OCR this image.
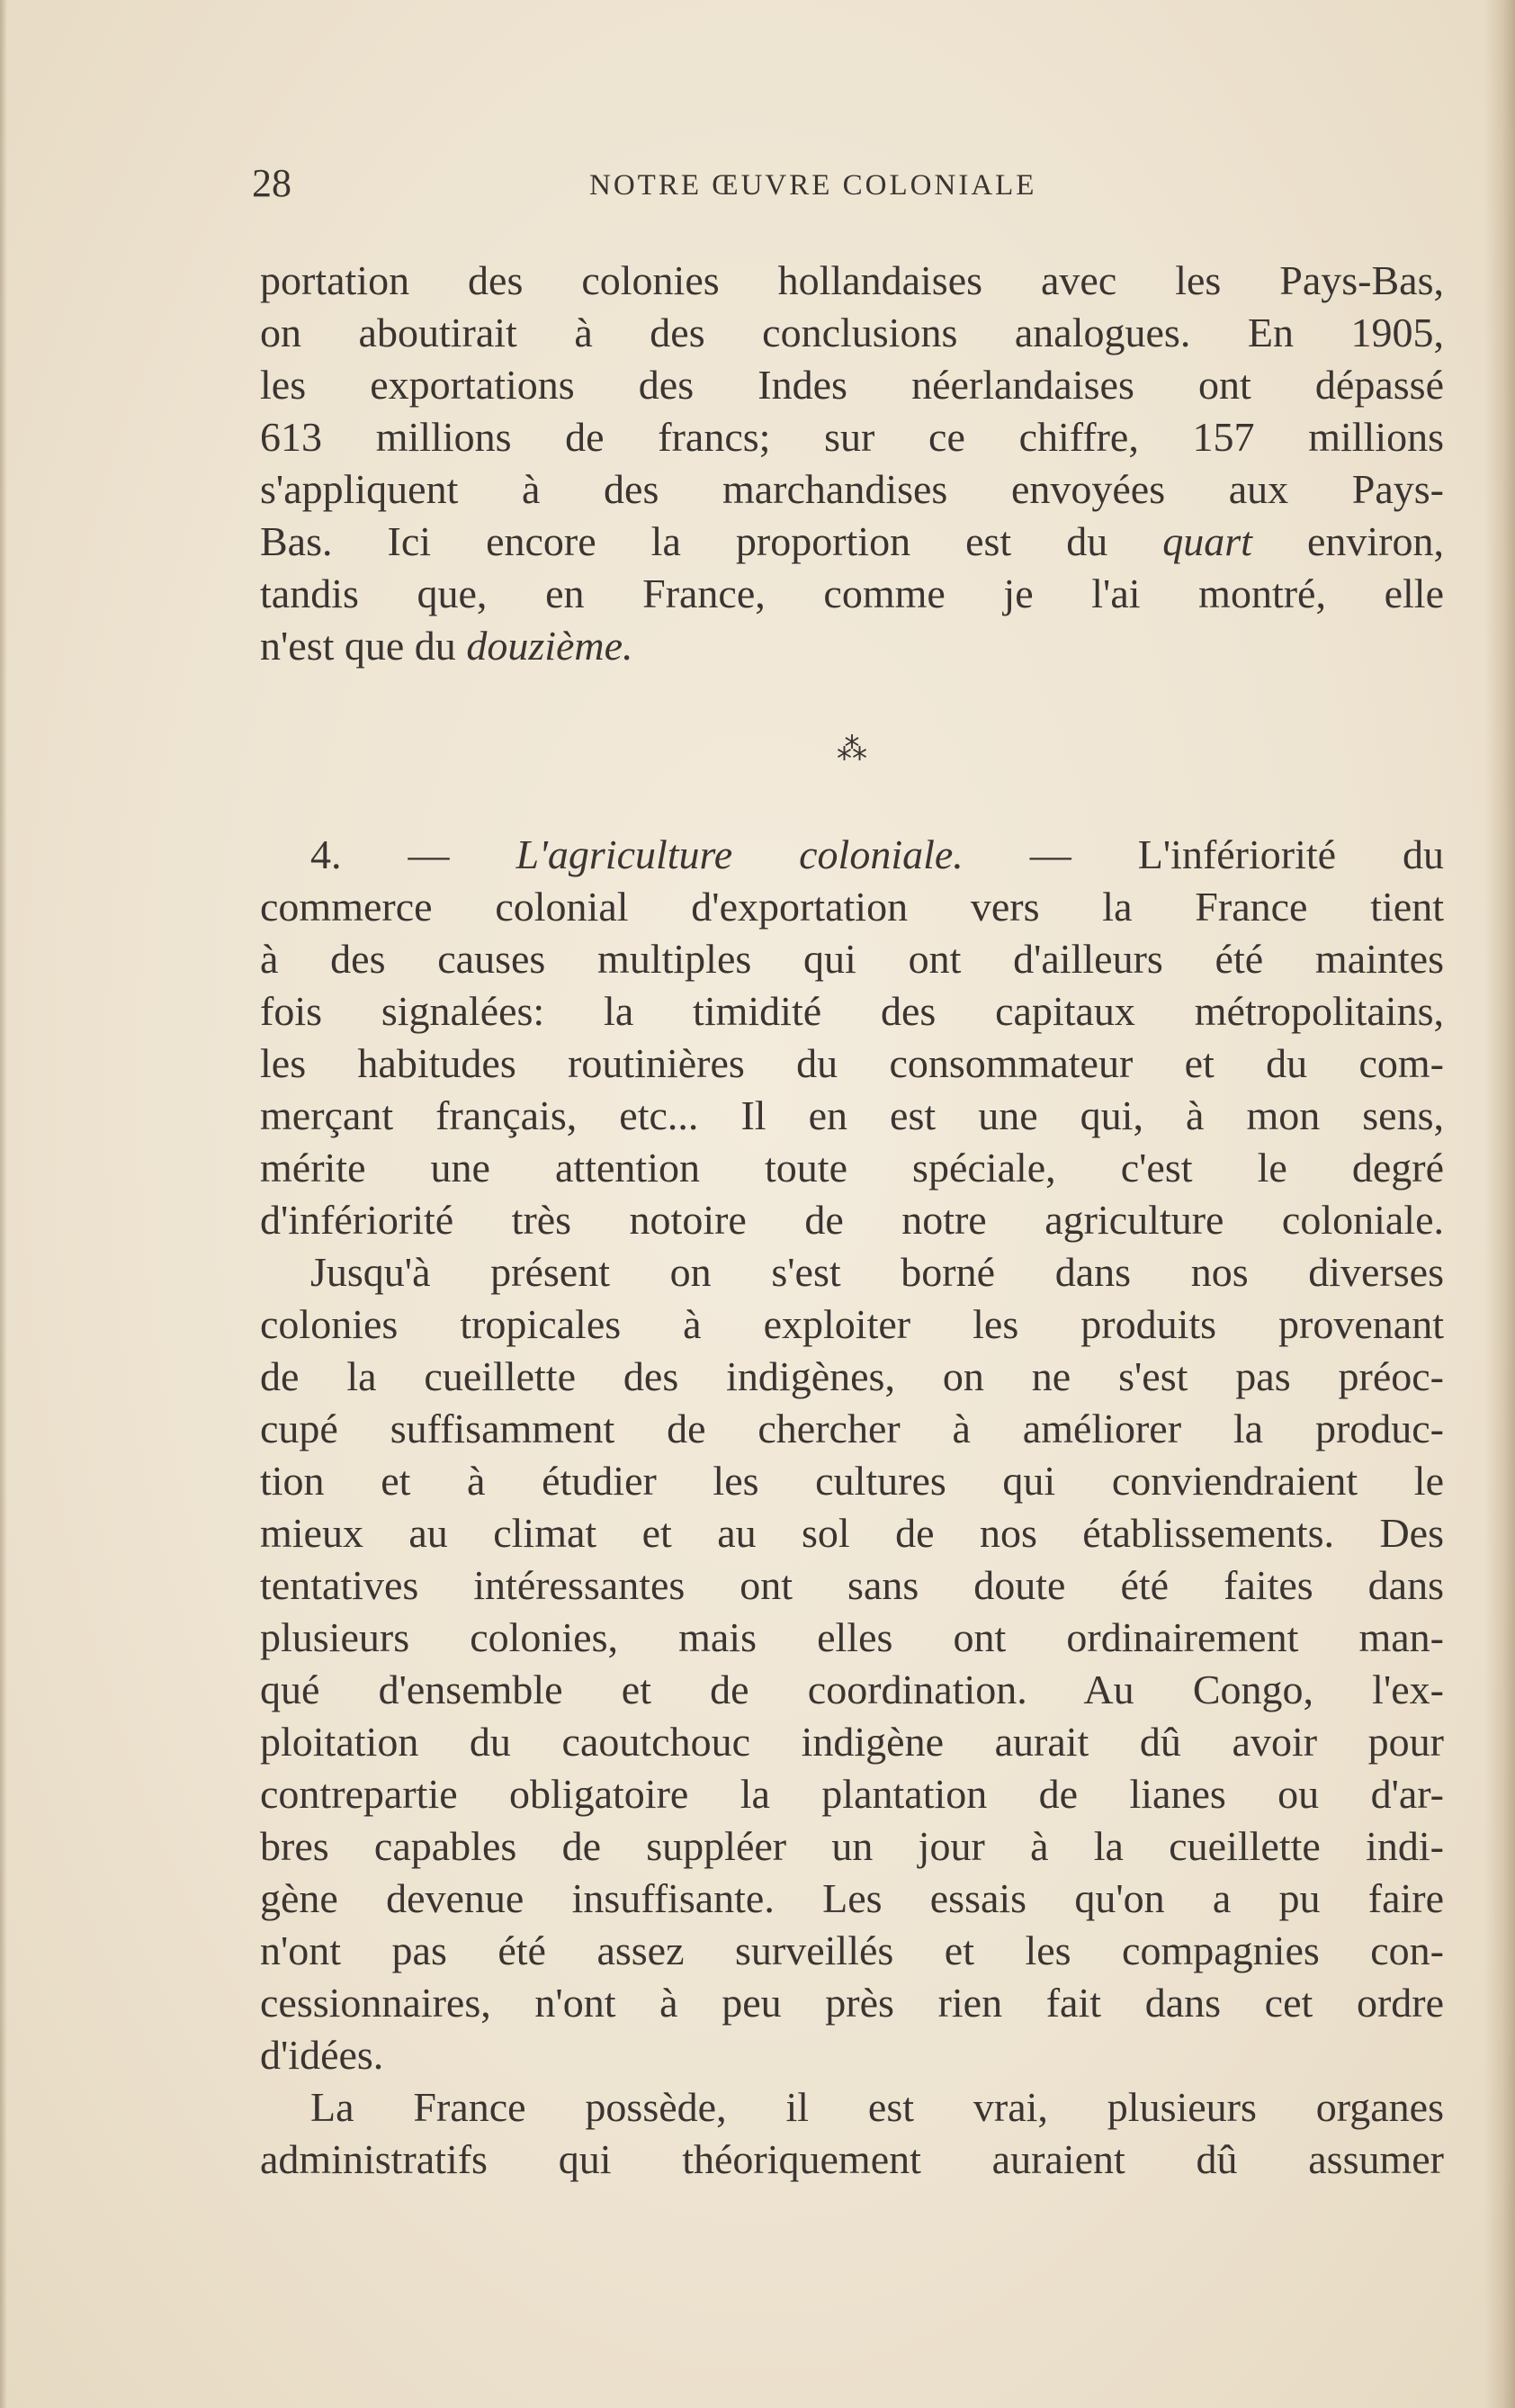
28	NOTRE ŒUVRE COLONIALE
portation des colonies hollandaises avec les Pays-Bas,
on aboutirait à des conclusions analogues. En 1905,
les exportations des Indes néerlandaises ont dépassé
613 millions de francs; sur ce chiffre, 157 millions
s'appliquent à des marchandises envoyées aux Pays-
Bas. Ici encore la proportion est du quart environ,
tandis que, en France, comme je l'ai montré, elle
n'est que du douzième.
⁂
4. — L'agriculture coloniale. — L'infériorité du
commerce colonial d'exportation vers la France tient
à des causes multiples qui ont d'ailleurs été maintes
fois signalées: la timidité des capitaux métropolitains,
les habitudes routinières du consommateur et du com-
merçant français, etc... Il en est une qui, à mon sens,
mérite une attention toute spéciale, c'est le degré
d'infériorité très notoire de notre agriculture coloniale.
Jusqu'à présent on s'est borné dans nos diverses
colonies tropicales à exploiter les produits provenant
de la cueillette des indigènes, on ne s'est pas préoc-
cupé suffisamment de chercher à améliorer la produc-
tion et à étudier les cultures qui conviendraient le
mieux au climat et au sol de nos établissements. Des
tentatives intéressantes ont sans doute été faites dans
plusieurs colonies, mais elles ont ordinairement man-
qué d'ensemble et de coordination. Au Congo, l'ex-
ploitation du caoutchouc indigène aurait dû avoir pour
contrepartie obligatoire la plantation de lianes ou d'ar-
bres capables de suppléer un jour à la cueillette indi-
gène devenue insuffisante. Les essais qu'on a pu faire
n'ont pas été assez surveillés et les compagnies con-
cessionnaires, n'ont à peu près rien fait dans cet ordre
d'idées.
La France possède, il est vrai, plusieurs organes
administratifs qui théoriquement auraient dû assumer
